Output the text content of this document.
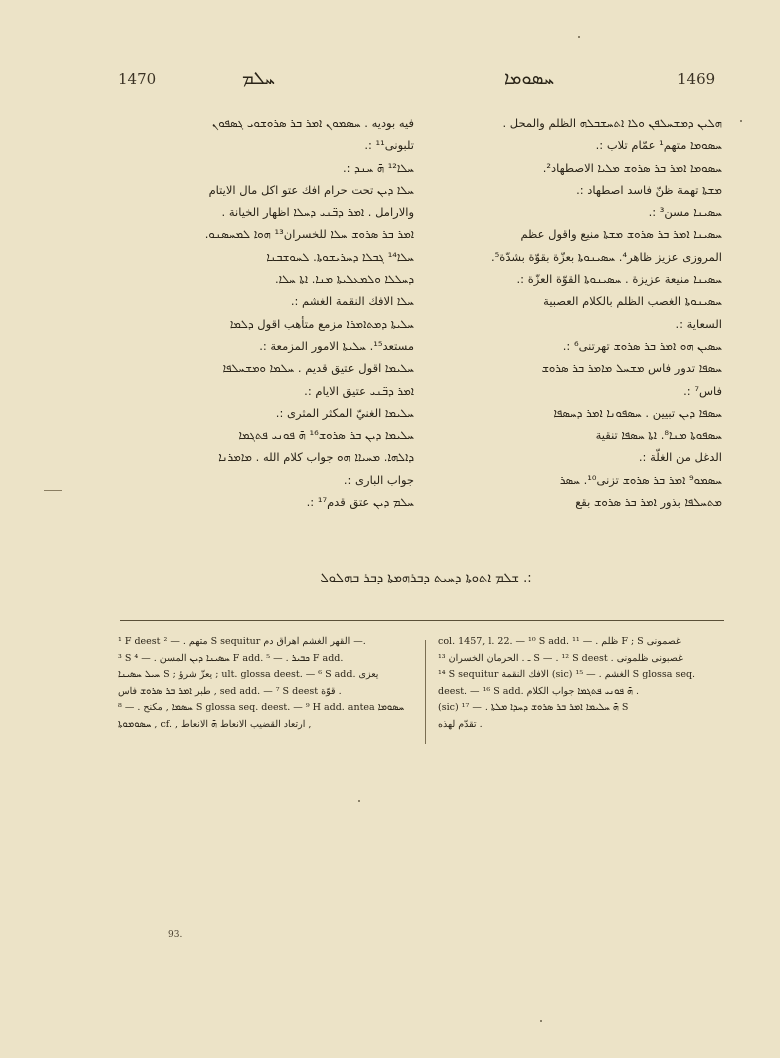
1470	ܚܠܡ	ܚܣܘܡܐ	1469

فيه بوديه . ܚܣܡܘܢ ܐܡܪ ܒܪ ܣܪܘܫܘܝ ܓܣܦܘܢ

تلبونی¹¹ :.

ܚܠܐ¹² ܗ̄ ܚܢܕ :.

ܚܠܐ ܕܝܢ تحت حرام افك عتو اكل مال الايتام

والارامل . ܐܡܪ ܕܒ̈ܢܝ ܕܚܠܐ اظهار الخيانة .

ܐܡܪ ܒܪ ܣܪܘܫ ܚܠܐ للخسران¹³ ܗܘܐ ܠܡܚܣܢܘ.

ܚܠܐ¹⁴ ܓܒܠܐ ܕܚܪܝܫܘܬܐ. ܠܚܘܫܒܢܐ

ܕܚܠܠܐ ܘܠܡܥܠܝܬܐ ܡܢܐ. ܐܬܐ ܚܠܐ.

ܚܠܐ الافك النقمة الغشم :.

ܚܠܝܬܐ ܕܡܬܐܡܪܐ مزمع متأهب اقول ܕܠܡܐ

مستعد¹⁵. ܚܠܝܬܐ الامور المزمعة :.

ܚܠܝܡܐ اقول عتيق قديم . ܚܠܡܐ ܘܡܫܚܠܦܐ

ܐܡܪ ܕܒ̈ܢܝ عتيق الايام :.

ܚܠܝܡܐ الغنيّ المكثر المثرى :.

ܚܠܝܡܐ ܕܝܢ ܒܪ ܣܪܘܫ¹⁶ ܗ̄ ܦܘܢܝ ܦܬܓܡܐ

ܕܐܠܗܐ. ܡܚܝܐܐ ܗܘ جواب كلام الله . ܡܐܡܪܢܐ

جواب البارى :.

ܚܠܡ ܕܝܢ عتق قدم¹⁷ :.

ܗܠܝܢ ܕܡܫܚܠܦܢ ܘܠܐ ܐܬܚܫܒܠܗ الظلم والمحل .

ܚܣܘܡܐ متهم¹ عمّام تلاب :.

ܚܣܘܡܐ ܐܡܪ ܒܪ ܣܪܘܫ ܡܠܝܐ الاصطهاد².

ܡܫܬܐ تهمة ظنّ فاسد اصطهاد :.

ܚܣܝܢܐ مسن³ :.

ܚܣܝܢܐ ܐܡܪ ܒܪ ܣܪܘܫ ܡܫܬܐ منيع واقول عظم

المروزى عزيز ظاهر⁴. ܚܣܝܢܘܬܐ بعزّة بقوّة بشدّة⁵.

ܚܣܝܢܐ منيعة عزيزة . ܚܣܝܢܘܬܐ القوّة العزّة :.

ܚܣܝܢܘܬܐ الغصب الظلم بالكلام العصبية

السعاية :.

ܚܣܝܢ ܗܘ ܐܡܪ ܒܪ ܣܪܘܫ تهرتنى⁶ :.

ܚܣܦܐ تدور فاس ܡܫܚܠ ܡܐܡܪ ܒܪ ܣܪܘܫ

فاس⁷ :.

ܚܣܦܐ ܕܝܢ تبيين . ܚܣܦܘܢܐ ܐܡܪ ܕܚܣܦܐ

ܚܣܦܘܬܐ ܡܢܐ⁸. ܐܬܐ ܚܣܦܐ تنقية

الدغل من الغلّة :.

ܚܣܡܘ⁹ ܐܡܪ ܒܪ ܣܪܘܫ تزنى¹⁰. ܚܣܪ

ܡܬܚܠܦܐ بذور ܐܡܪ ܒܪ ܣܪܘܫ بقع

:. ܫܠܡ ܐܬܘܬܐ ܕܚܝܬ ܕܒܪܗܡܬܐ ܕܒܪ ܒܗܠܘܠ

¹ F deest متهم . — ² S sequitur القهر الغشم اهراق دم —.

³ S ܚܣܝܢܐ ܕܝܢ المسن . — ⁴ F add. ܟܒܝܪ . — ⁵ F add.

ܚܝܠ ܚܣܝܢܐ S ; يعزّ شرؤ ; ult. glossa deest. — ⁶ S add. يعزى

طبر ܐܡܪ ܒܪ ܣܪܘܫ فاس , sed add. — ⁷ S deest قوّة .

ܚܣܡܐ , مكنح . — ⁸ S glossa seq. deest. — ⁹ H add. antea ܚܣܘܡܐ

ܚܣܘܡܘܬܐ , cf. , ارتعاد القضيب الانعاط ܗ̄ الانعاط ,

col. 1457, l. 22. — ¹⁰ S add. ظلم . — ¹¹ F ; S غصمونى

ـ . الحرمان الخسران ¹³ S — . ¹² S deest . غصبونى ظلمونى

¹⁴ S sequitur الافك النقمة (sic) الغشم . — ¹⁵ S glossa seq.

deest. — ¹⁶ S add. ܗ̄ ܦܘܢܝ ܦܬܓܡܐ جواب الكلام .

(sic) ܗ̄ ܚܠܝܡܐ ܐܡܪ ܒܪ ܣܪܘܫ ܕܚܕܐ ܡܠܬܐ . — ¹⁷ S

تقدّم لهذه .

93.
